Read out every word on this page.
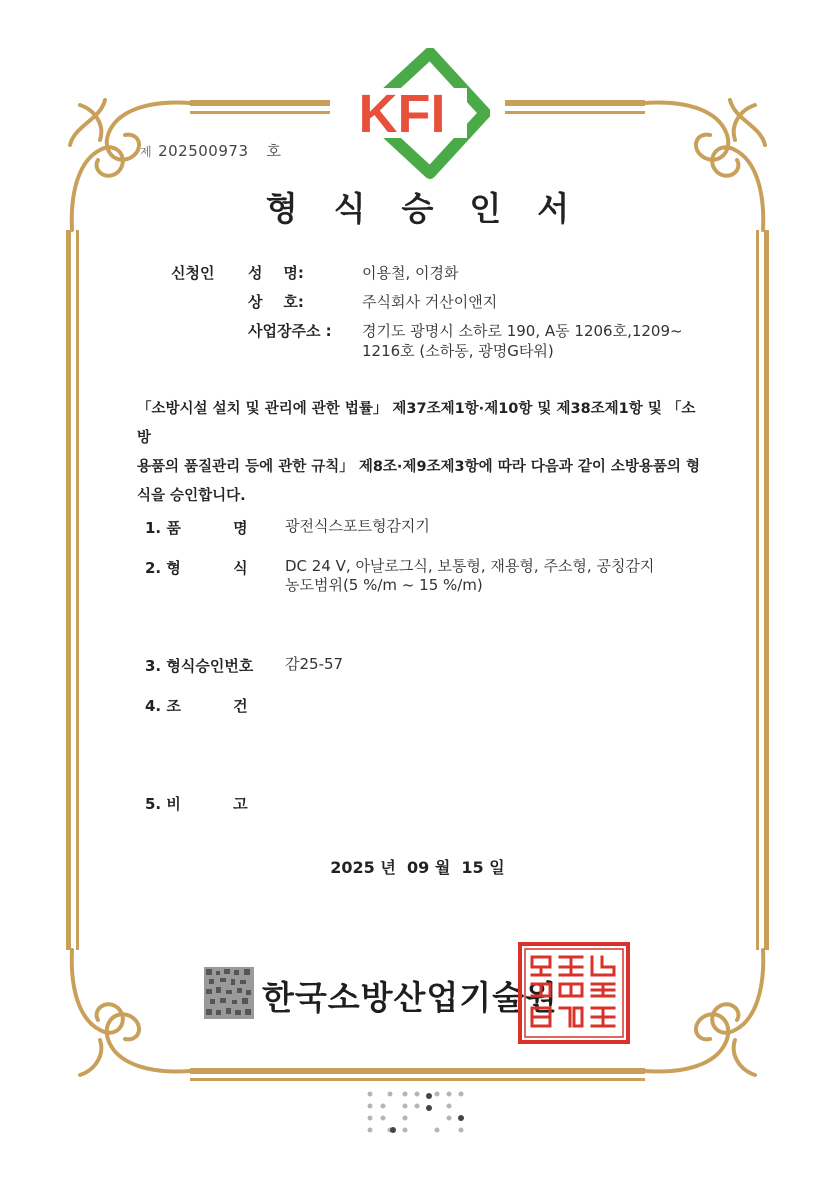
KFI
제 202500973 호
형식승인서
신청인 성    명:	이용철, 이경화
상    호:	주식회사 거산이앤지
사업장주소 : 경기도 광명시 소하로 190, A동 1206호,1209~
1216호 (소하동, 광명G타워)
「소방시설 설치 및 관리에 관한 법률」 제37조제1항·제10항 및 제38조제1항 및 「소방
용품의 품질관리 등에 관한 규칙」 제8조·제9조제3항에 따라 다음과 같이 소방용품의 형
식을 승인합니다.
1. 품          명 광전식스포트형감지기
2. 형          식 DC 24 V, 아날로그식, 보통형, 재용형, 주소형, 공칭감지
농도범위(5 %/m ~ 15 %/m)
3. 형식승인번호 감25-57
4. 조          건
5. 비          고
2025 년  09 월  15 일
한국소방산업기술원
